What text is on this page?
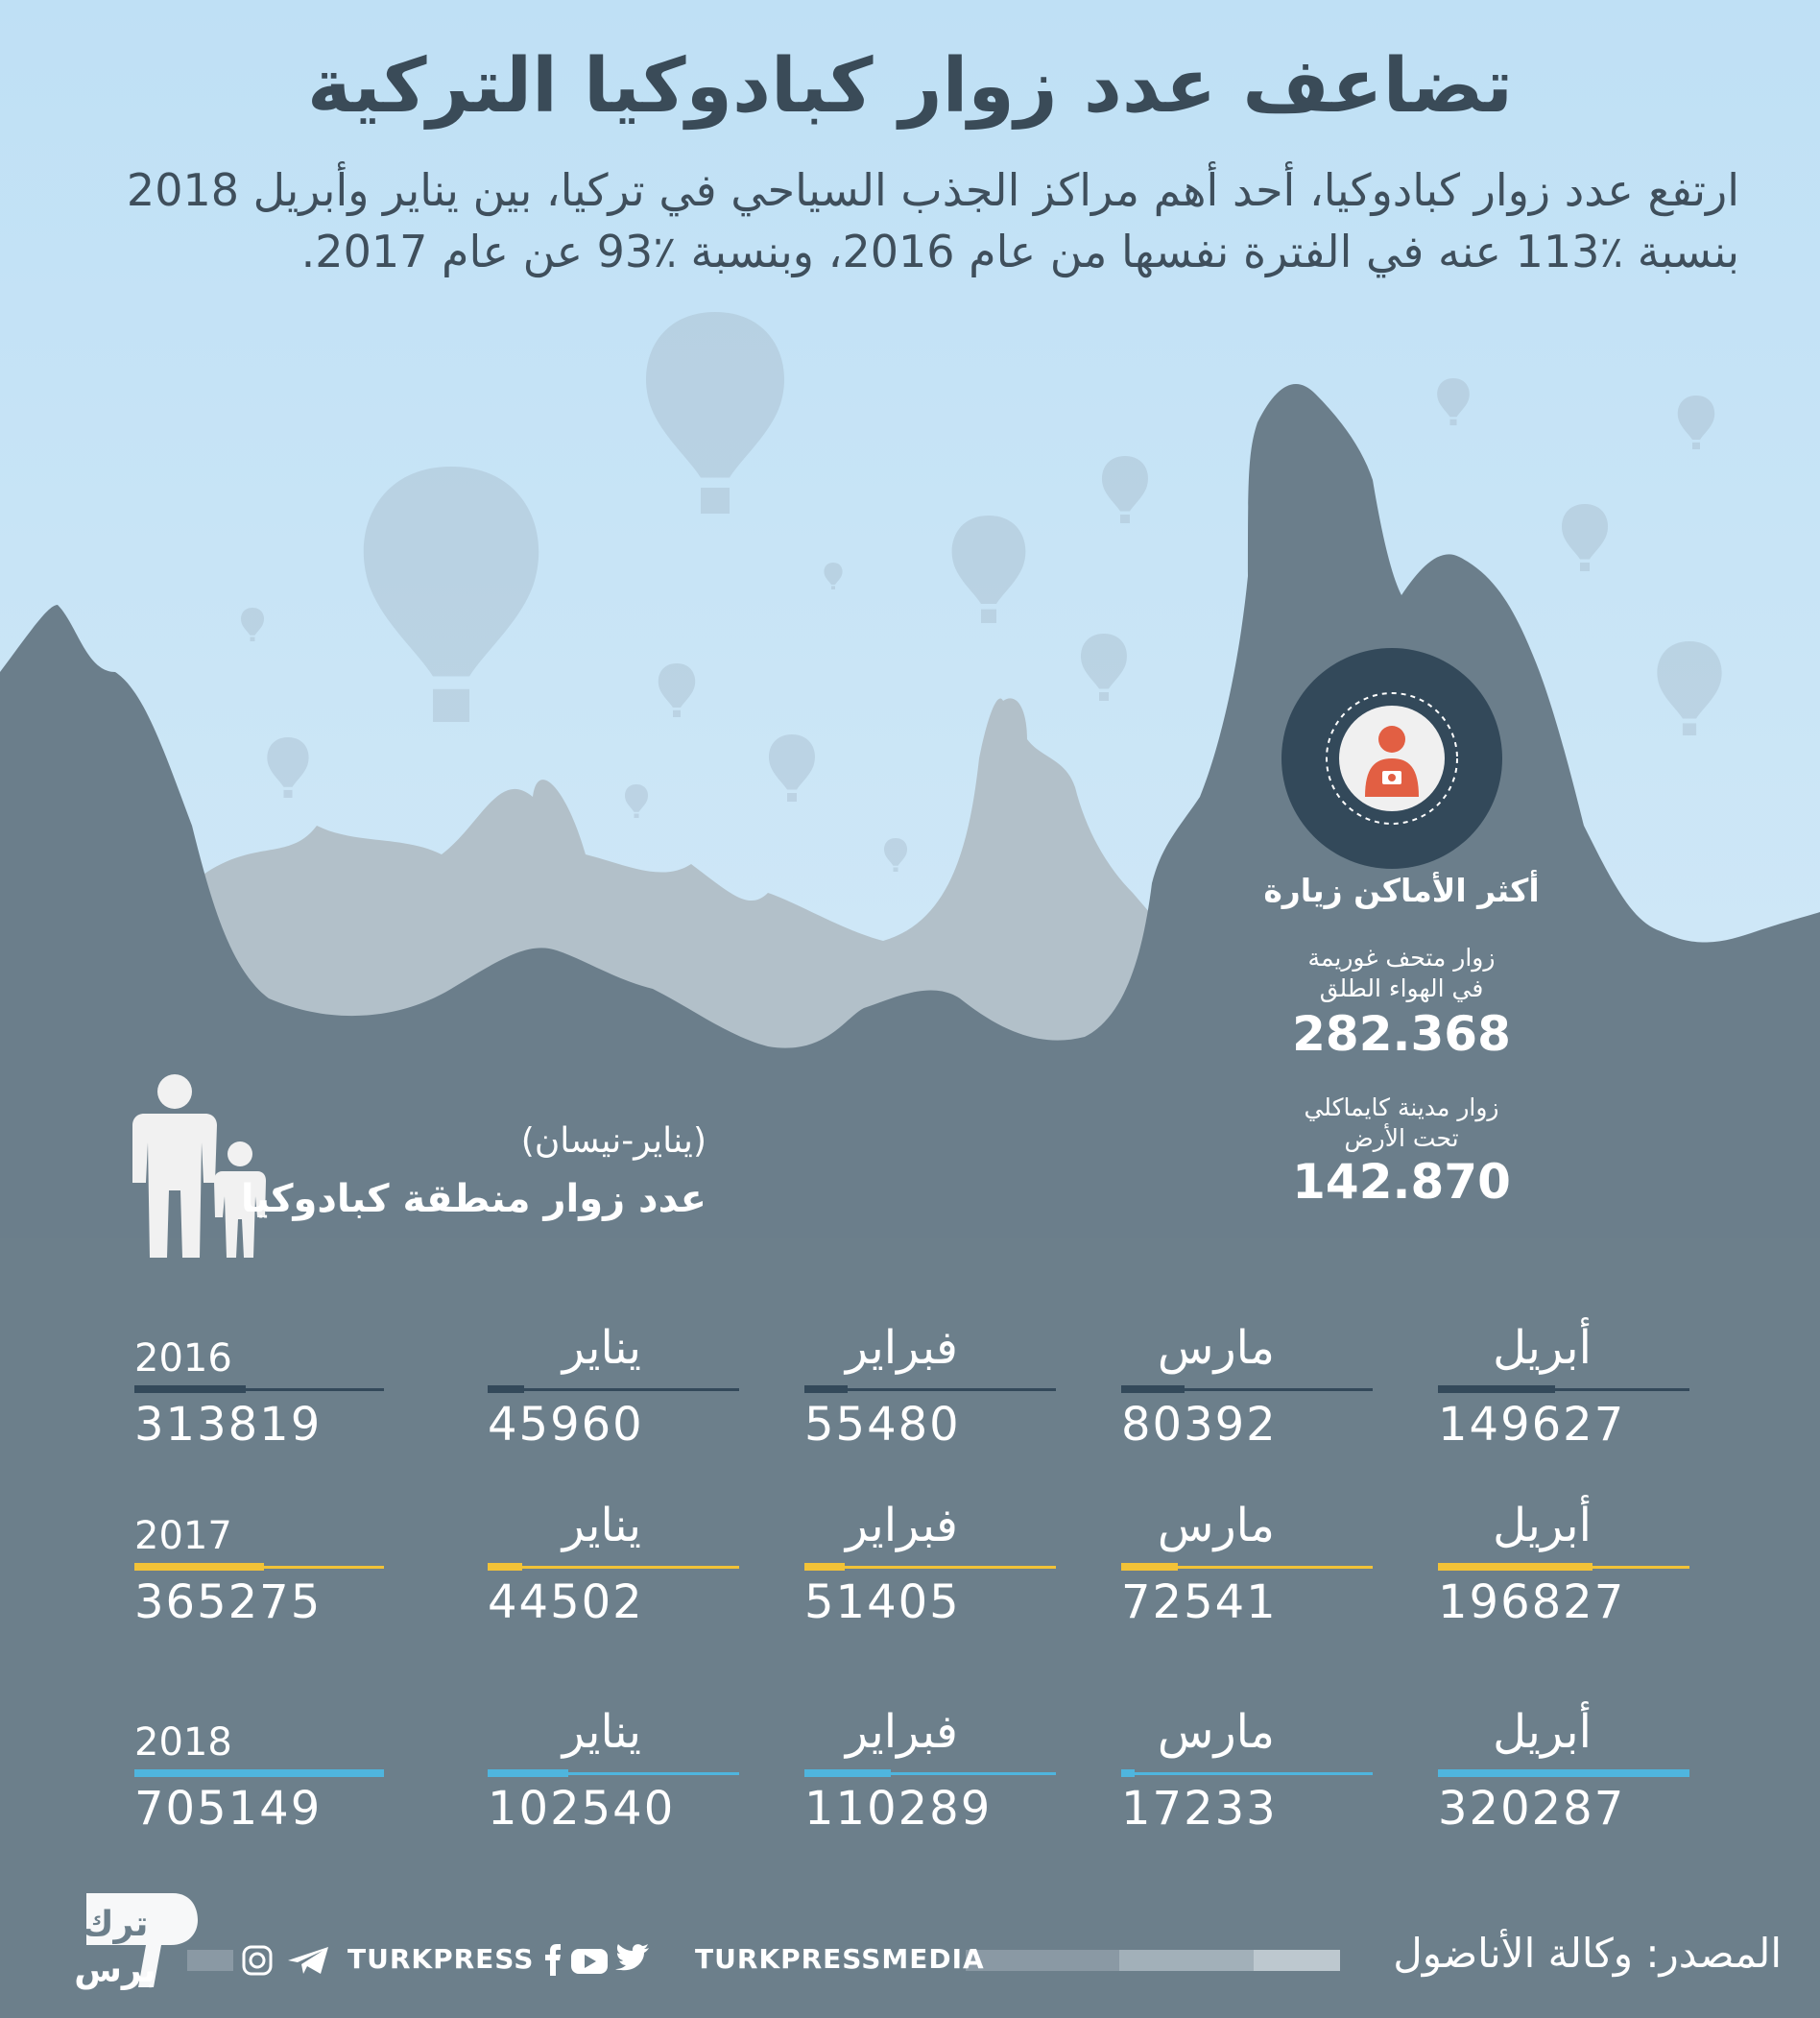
تضاعف عدد زوار كبادوكيا التركية
ارتفع عدد زوار كبادوكيا، أحد أهم مراكز الجذب السياحي في تركيا، بين يناير وأبريل 2018
بنسبة ٪113 عنه في الفترة نفسها من عام 2016، وبنسبة ٪93 عن عام 2017.
أكثر الأماكن زيارة
زوار متحف غوريمة
في الهواء الطلق
282.368
زوار مدينة كايماكلي
تحت الأرض
142.870
(يناير-نيسان)
عدد زوار منطقة كبادوكيا
2016
313819
يناير
45960
فبراير
55480
مارس
80392
أبريل
149627
2017
365275
يناير
44502
فبراير
51405
مارس
72541
أبريل
196827
2018
705149
يناير
102540
فبراير
110289
مارس
17233
أبريل
320287
المصدر: وكالة الأناضول
TURKPRESSMEDIA
TURKPRESS
ترك
برس
